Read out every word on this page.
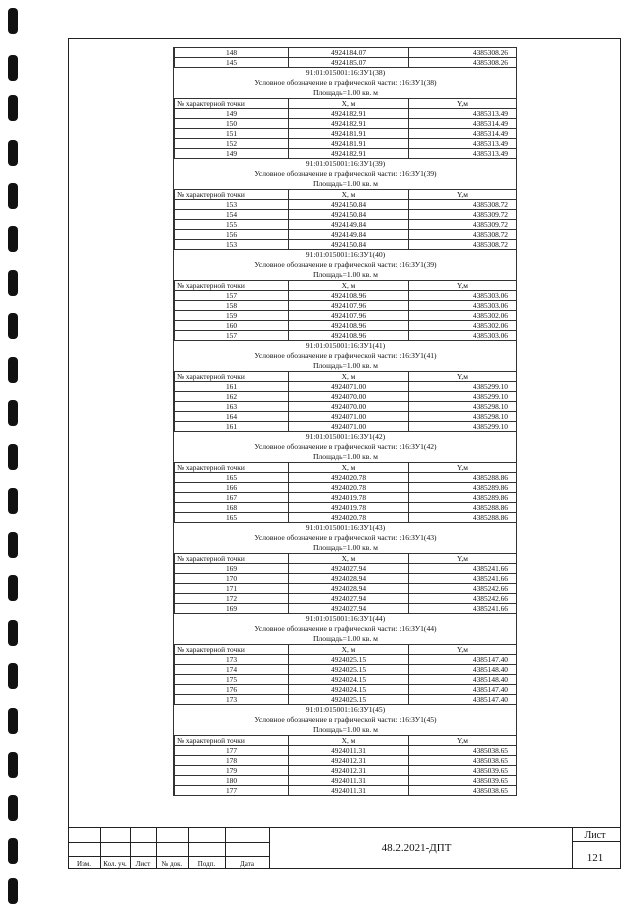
148	4924184.07	4385308.26
145	4924185.07	4385308.26
91:01:015001:16:ЗУ1(38)		
Условное обозначение в графической части: :16:ЗУ1(38)		
Площадь=1.00 кв. м		
№ характерной точки	X, м	Y,м
149	4924182.91	4385313.49
150	4924182.91	4385314.49
151	4924181.91	4385314.49
152	4924181.91	4385313.49
149	4924182.91	4385313.49
91:01:015001:16:ЗУ1(39)		
Условное обозначение в графической части: :16:ЗУ1(39)		
Площадь=1.00 кв. м		
№ характерной точки	X, м	Y,м
153	4924150.84	4385308.72
154	4924150.84	4385309.72
155	4924149.84	4385309.72
156	4924149.84	4385308.72
153	4924150.84	4385308.72
91:01:015001:16:ЗУ1(40)		
Условное обозначение в графической части: :16:ЗУ1(39)		
Площадь=1.00 кв. м		
№ характерной точки	X, м	Y,м
157	4924108.96	4385303.06
158	4924107.96	4385303.06
159	4924107.96	4385302.06
160	4924108.96	4385302.06
157	4924108.96	4385303.06
91:01:015001:16:ЗУ1(41)		
Условное обозначение в графической части: :16:ЗУ1(41)		
Площадь=1.00 кв. м		
№ характерной точки	X, м	Y,м
161	4924071.00	4385299.10
162	4924070.00	4385299.10
163	4924070.00	4385298.10
164	4924071.00	4385298.10
161	4924071.00	4385299.10
91:01:015001:16:ЗУ1(42)		
Условное обозначение в графической части: :16:ЗУ1(42)		
Площадь=1.00 кв. м		
№ характерной точки	X, м	Y,м
165	4924020.78	4385288.86
166	4924020.78	4385289.86
167	4924019.78	4385289.86
168	4924019.78	4385288.86
165	4924020.78	4385288.86
91:01:015001:16:ЗУ1(43)		
Условное обозначение в графической части: :16:ЗУ1(43)		
Площадь=1.00 кв. м		
№ характерной точки	X, м	Y,м
169	4924027.94	4385241.66
170	4924028.94	4385241.66
171	4924028.94	4385242.66
172	4924027.94	4385242.66
169	4924027.94	4385241.66
91:01:015001:16:ЗУ1(44)		
Условное обозначение в графической части: :16:ЗУ1(44)		
Площадь=1.00 кв. м		
№ характерной точки	X, м	Y,м
173	4924025.15	4385147.40
174	4924025.15	4385148.40
175	4924024.15	4385148.40
176	4924024.15	4385147.40
173	4924025.15	4385147.40
91:01:015001:16:ЗУ1(45)		
Условное обозначение в графической части: :16:ЗУ1(45)		
Площадь=1.00 кв. м		
№ характерной точки	X, м	Y,м
177	4924011.31	4385038.65
178	4924012.31	4385038.65
179	4924012.31	4385039.65
180	4924011.31	4385039.65
177	4924011.31	4385038.65
Изм.	Кол. уч.	Лист	№ док.	Подп.	Дата
48.2.2021-ДПТ
Лист
121
